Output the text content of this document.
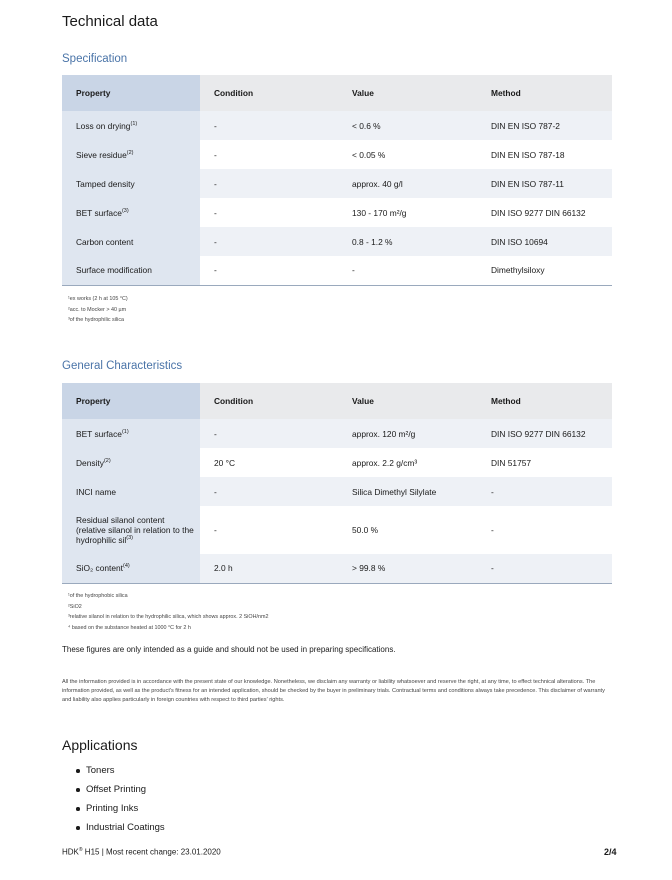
Technical data
Specification
Property	Condition	Value	Method
Loss on drying$^{(1)}$	-	< 0.6 %	DIN EN ISO 787-2
Sieve residue$^{(2)}$	-	< 0.05 %	DIN EN ISO 787-18
Tamped density	-	approx. 40 g/l	DIN EN ISO 787-11
BET surface$^{(3)}$	-	130 - 170 m²/g	DIN ISO 9277 DIN 66132
Carbon content	-	0.8 - 1.2 %	DIN ISO 10694
Surface modification	-	-	Dimethylsiloxy
¹ex works (2 h at 105 °C)
²acc. to Mocker > 40 µm
³of the hydrophilic silica
General Characteristics
Property	Condition	Value	Method
BET surface$^{(1)}$	-	approx. 120 m²/g	DIN ISO 9277 DIN 66132
Density$^{(2)}$	20 °C	approx. 2.2 g/cm³	DIN 51757
INCI name	-	Silica Dimethyl Silylate	-
Residual silanol content (relative silanol in relation to the hydrophilic sil$^{(3)}$	-	50.0 %	-
SiO₂ content$^{(4)}$	2.0 h	> 99.8 %	-
¹of the hydrophobic silica
²SiO2
³relative silanol in relation to the hydrophilic silica, which shows approx. 2 SiOH/nm2
⁴ based on the substance heated at 1000 °C for 2 h
These figures are only intended as a guide and should not be used in preparing specifications.
All the information provided is in accordance with the present state of our knowledge. Nonetheless, we disclaim any warranty or liability whatsoever and reserve the right, at any time, to effect technical alterations. The information provided, as well as the product's fitness for an intended application, should be checked by the buyer in preliminary trials. Contractual terms and conditions always take precedence. This disclaimer of warranty and liability also applies particularly in foreign countries with respect to third parties' rights.
Applications
Toners
Offset Printing
Printing Inks
Industrial Coatings
HDK® H15 | Most recent change: 23.01.2020	2/4
